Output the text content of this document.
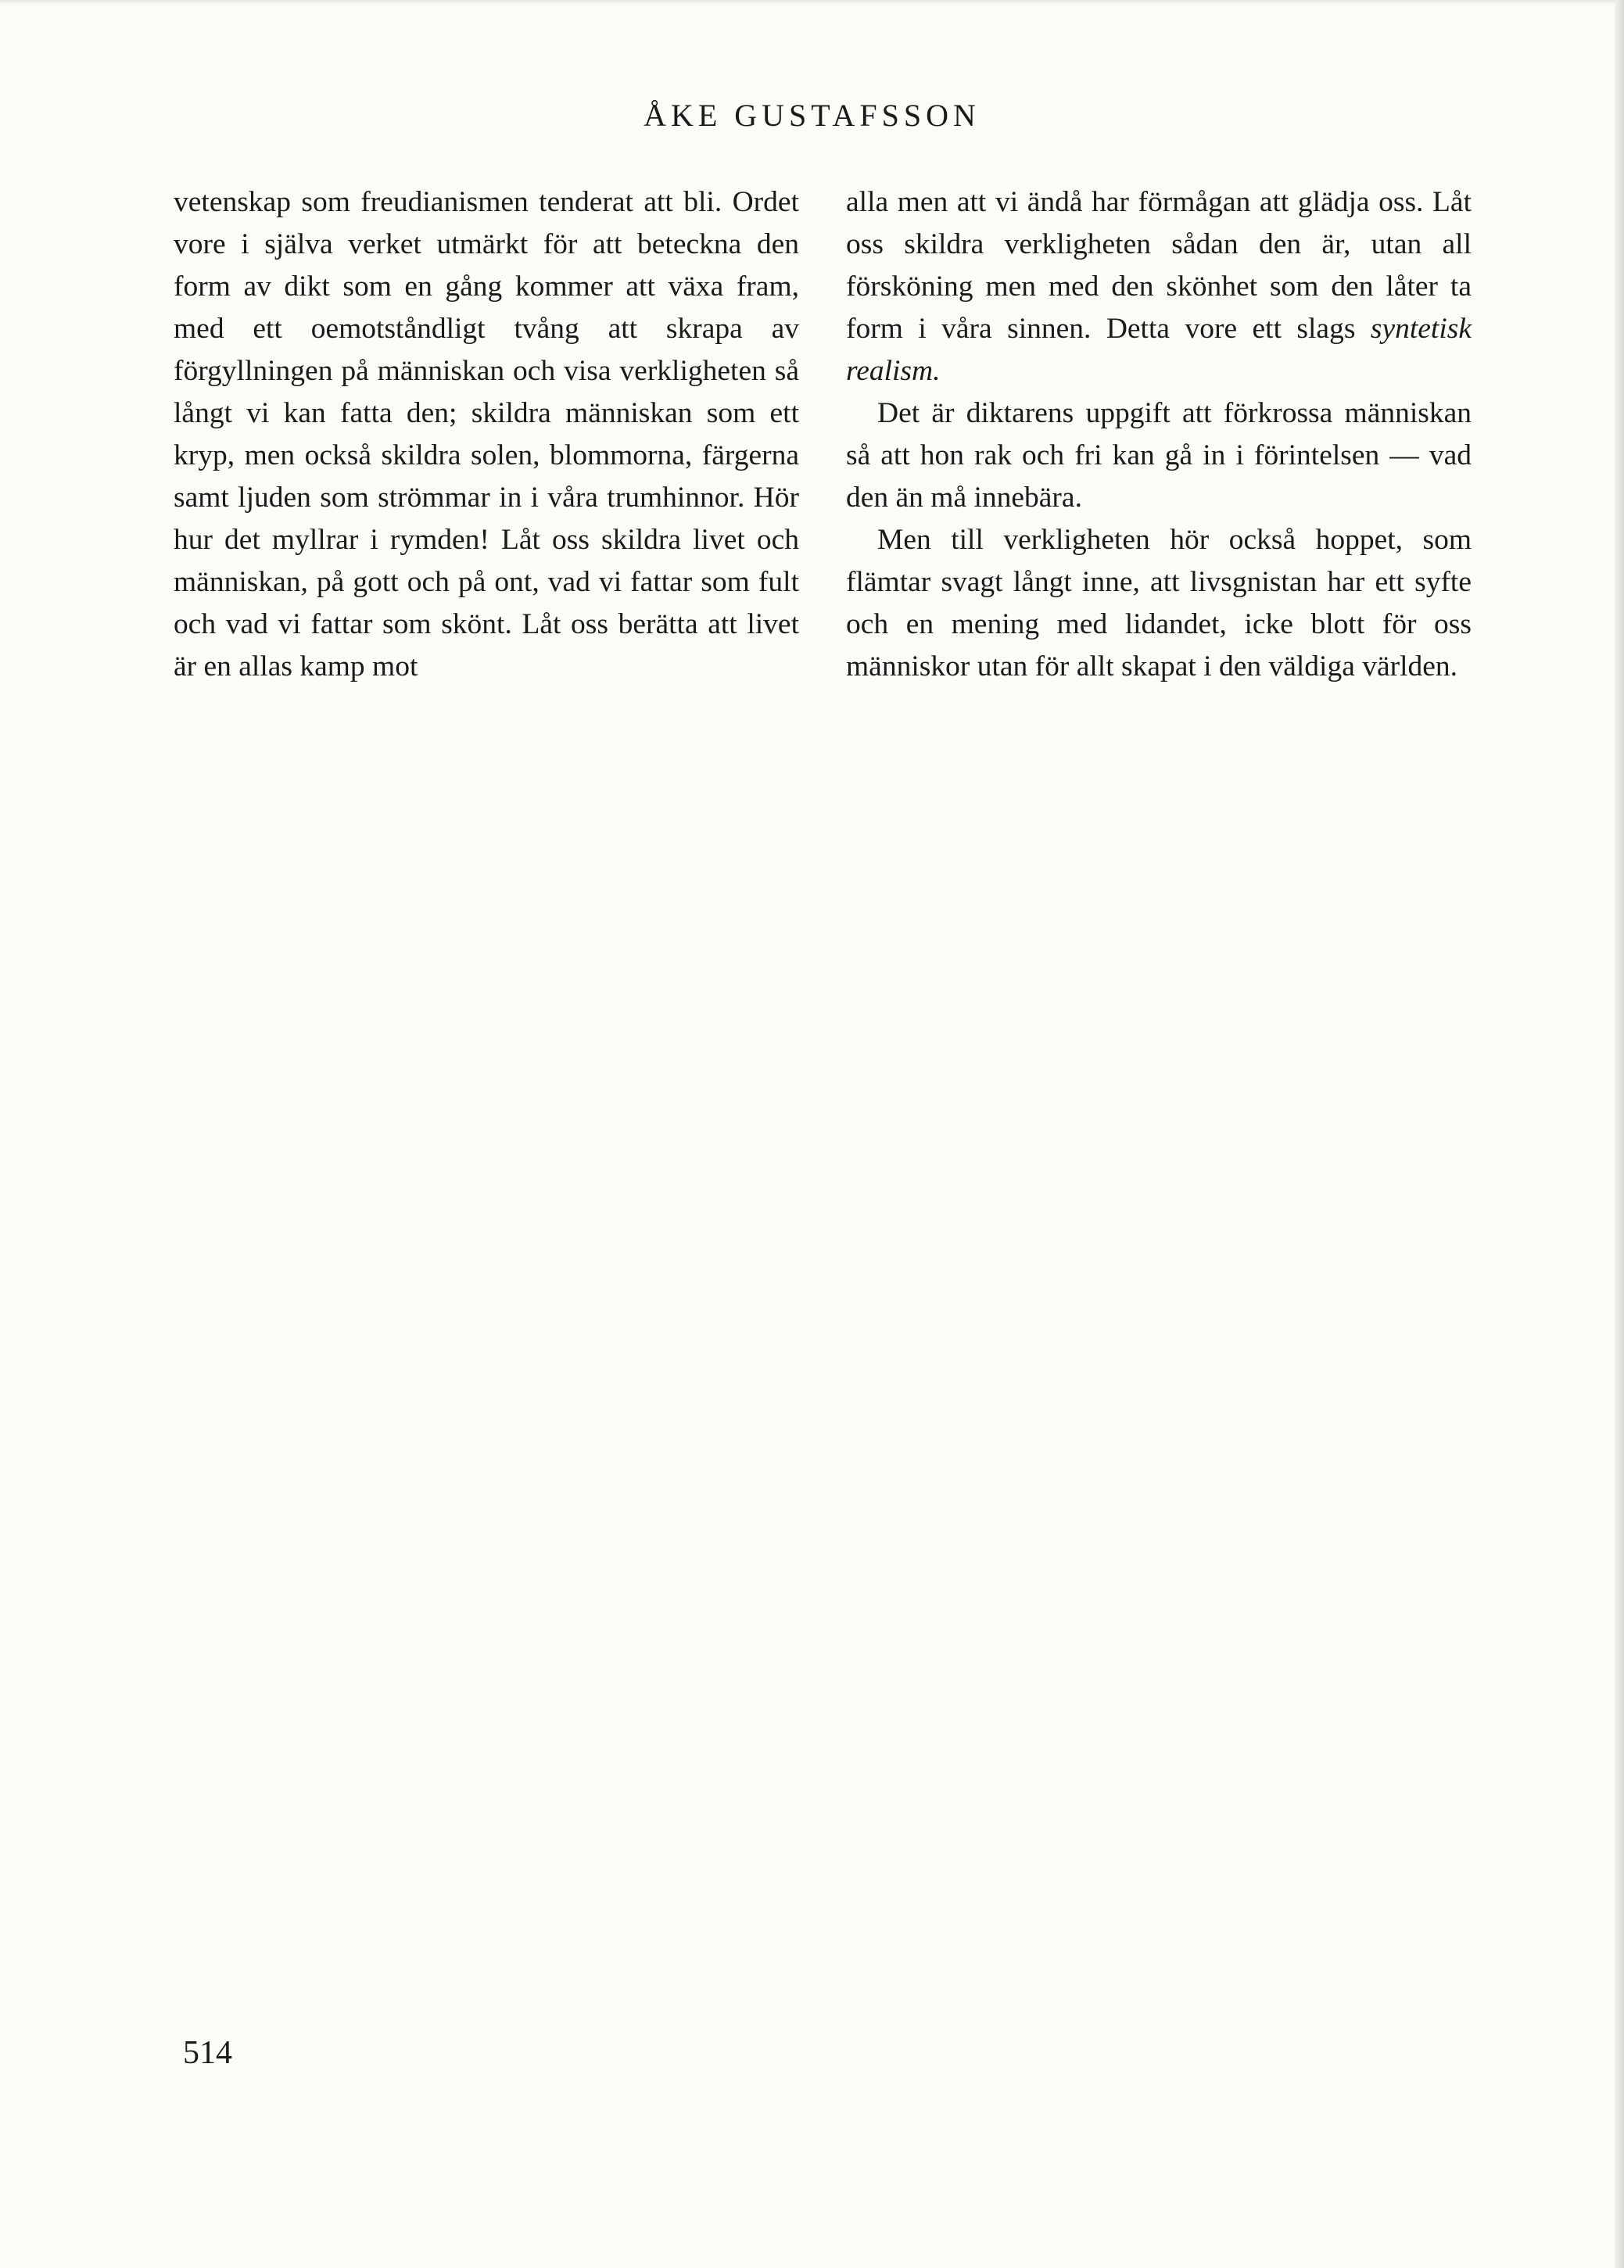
ÅKE GUSTAFSSON

vetenskap som freudianismen tenderat att bli. Ordet vore i själva verket utmärkt för att beteckna den form av dikt som en gång kommer att växa fram, med ett oemotståndligt tvång att skrapa av förgyllningen på människan och visa verkligheten så långt vi kan fatta den; skildra människan som ett kryp, men också skildra solen, blommorna, färgerna samt ljuden som strömmar in i våra trumhinnor. Hör hur det myllrar i rymden! Låt oss skildra livet och människan, på gott och på ont, vad vi fattar som fult och vad vi fattar som skönt. Låt oss berätta att livet är en allas kamp mot

alla men att vi ändå har förmågan att glädja oss. Låt oss skildra verkligheten sådan den är, utan all försköning men med den skönhet som den låter ta form i våra sinnen. Detta vore ett slags syntetisk realism.

Det är diktarens uppgift att förkrossa människan så att hon rak och fri kan gå in i förintelsen — vad den än må innebära.

Men till verkligheten hör också hoppet, som flämtar svagt långt inne, att livsgnistan har ett syfte och en mening med lidandet, icke blott för oss människor utan för allt skapat i den väldiga världen.

514
